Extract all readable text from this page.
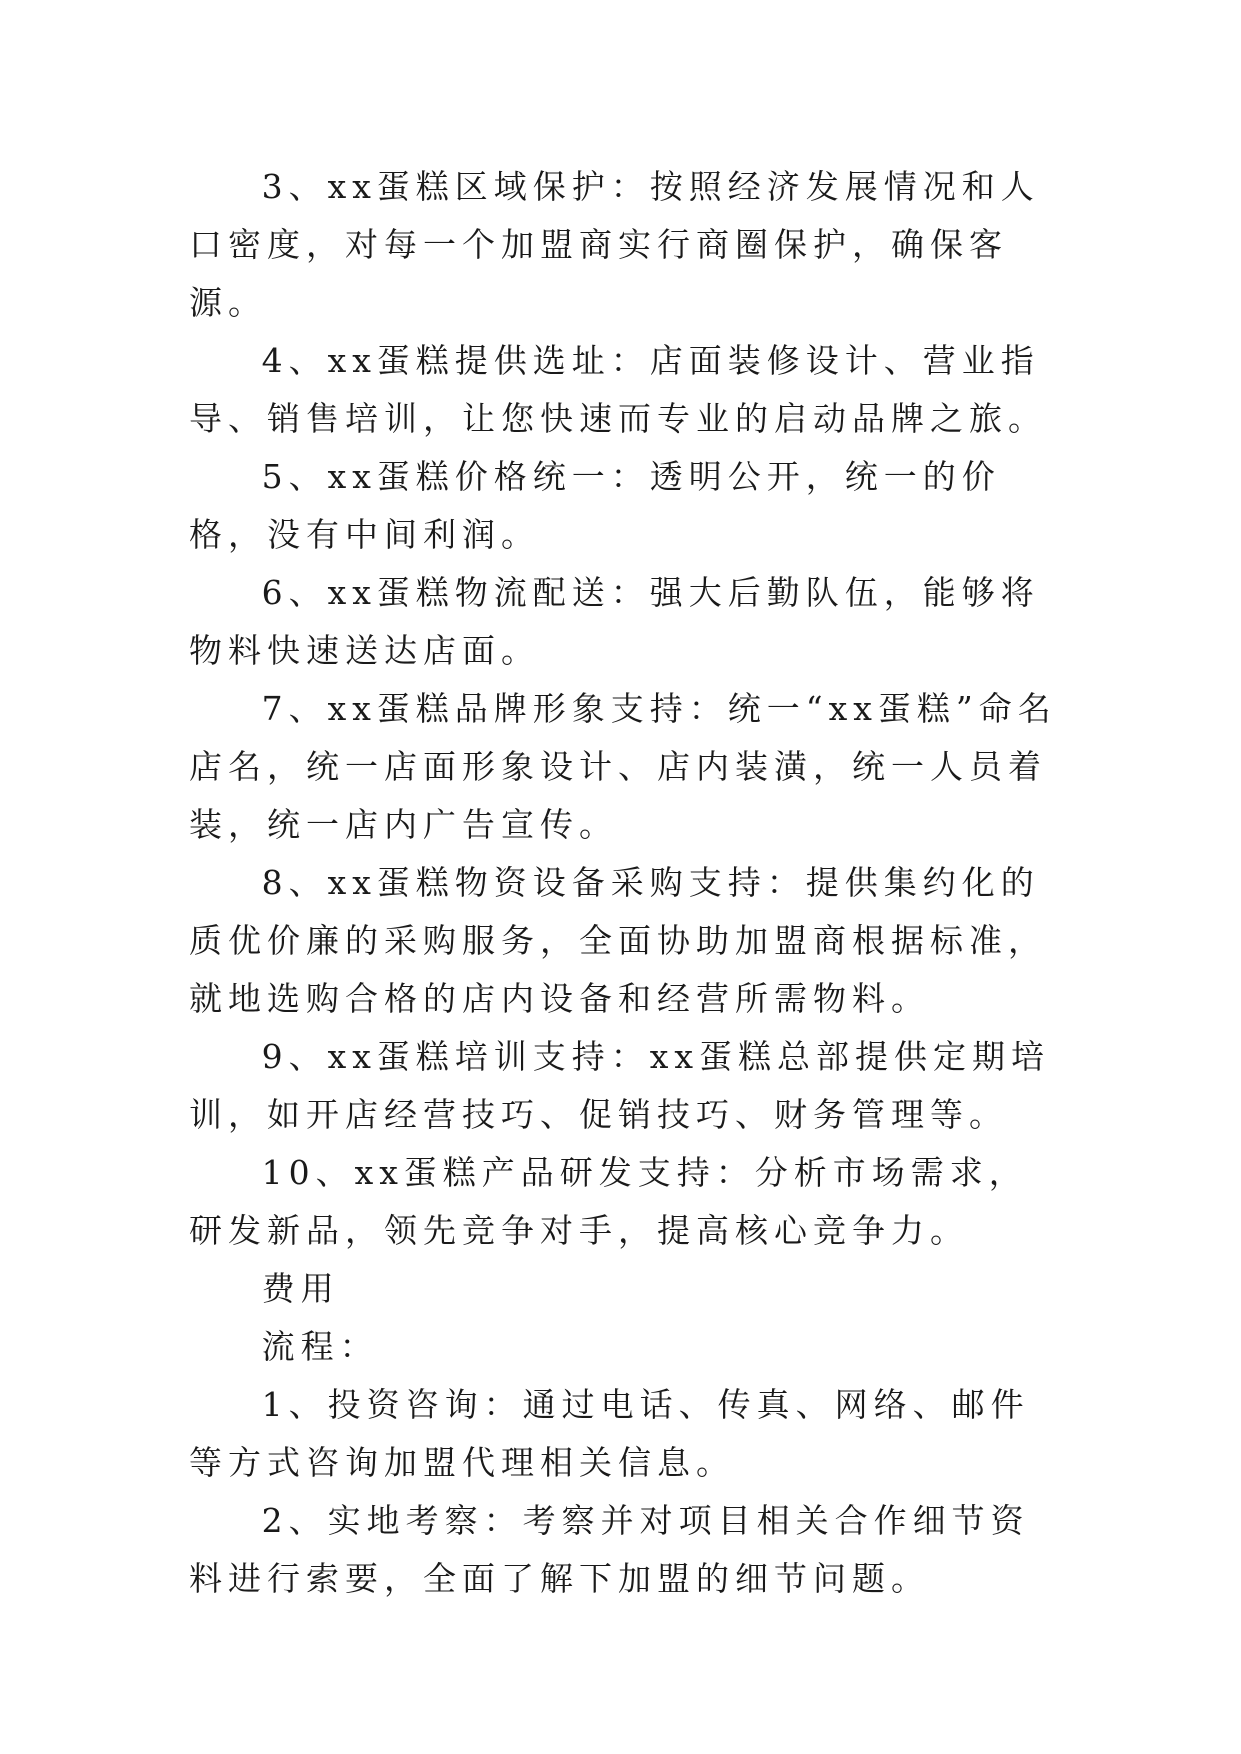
3、xx蛋糕区域保护：按照经济发展情况和人口密度，对每一个加盟商实行商圈保护，确保客源。

4、xx蛋糕提供选址：店面装修设计、营业指导、销售培训，让您快速而专业的启动品牌之旅。

5、xx蛋糕价格统一：透明公开，统一的价格，没有中间利润。

6、xx蛋糕物流配送：强大后勤队伍，能够将物料快速送达店面。

7、xx蛋糕品牌形象支持：统一“xx蛋糕”命名店名，统一店面形象设计、店内装潢，统一人员着装，统一店内广告宣传。

8、xx蛋糕物资设备采购支持：提供集约化的质优价廉的采购服务，全面协助加盟商根据标准，就地选购合格的店内设备和经营所需物料。

9、xx蛋糕培训支持：xx蛋糕总部提供定期培训，如开店经营技巧、促销技巧、财务管理等。

10、xx蛋糕产品研发支持：分析市场需求，研发新品，领先竞争对手，提高核心竞争力。

费用

流程：

1、投资咨询：通过电话、传真、网络、邮件等方式咨询加盟代理相关信息。

2、实地考察：考察并对项目相关合作细节资料进行索要，全面了解下加盟的细节问题。
